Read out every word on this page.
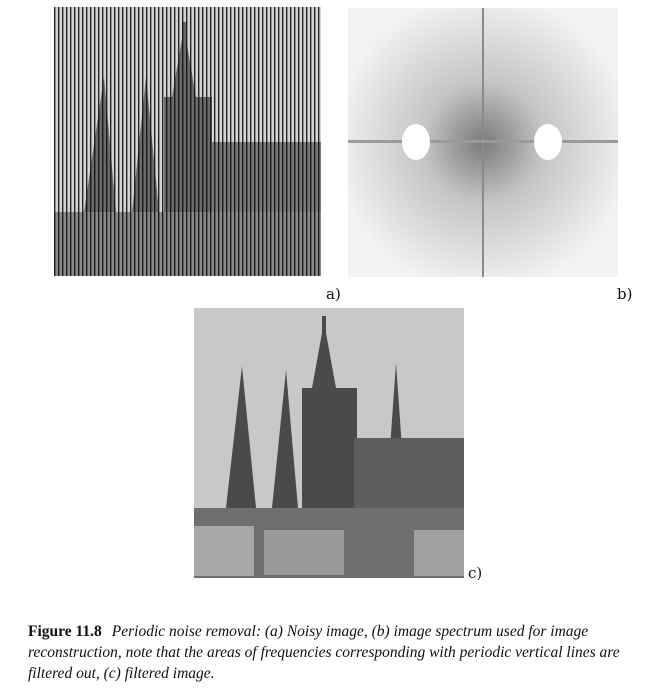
a)	b)
c)
Figure 11.8 Periodic noise removal: (a) Noisy image, (b) image spectrum used for image reconstruction, note that the areas of frequencies corresponding with periodic vertical lines are filtered out, (c) filtered image.
